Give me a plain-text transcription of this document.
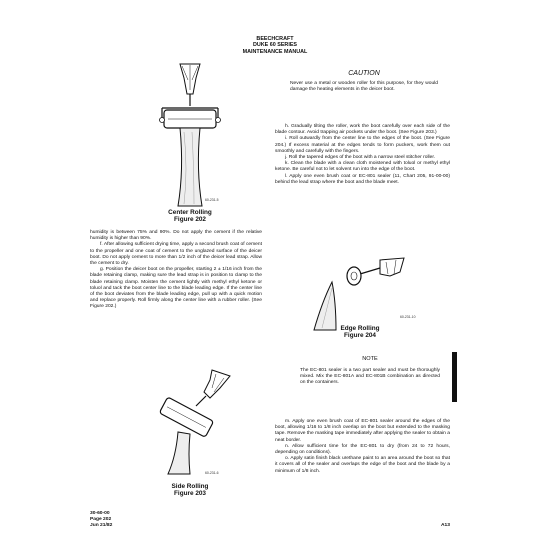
BEECHCRAFT
DUKE 60 SERIES
MAINTENANCE MANUAL
60-231-5
Center Rolling
Figure 202

humidity is between 75% and 90%. Do not apply the cement if the relative humidity is higher than 90%.

f. After allowing sufficient drying time, apply a second brush coat of cement to the propeller and one coat of cement to the unglazed surface of the deicer boot. Do not apply cement to more than 1/2 inch of the deicer lead strap. Allow the cement to dry.

g. Position the deicer boot on the propeller, starting 2 ± 1/16 inch from the blade retaining clamp, making sure the lead strap is in position to clamp to the blade retaining clamp. Moisten the cement lightly with methyl ethyl ketone or toluol and tack the boot center line to the blade leading edge. If the center line of the boot deviates from the blade leading edge, pull up with a quick motion and replace properly. Roll firmly along the center line with a rubber roller. (See Figure 202.)

60-231-6
Side Rolling
Figure 203
CAUTION
Never use a metal or wooden roller for this purpose, for they would damage the heating elements in the deicer boot.

h. Gradually tilting the roller, work the boot carefully over each side of the blade contour. Avoid trapping air pockets under the boot. (See Figure 203.)

i. Roll outwardly from the center line to the edges of the boot. (See Figure 204.) If excess material at the edges tends to form puckers, work them out smoothly and carefully with the fingers.

j. Roll the tapered edges of the boot with a narrow steel stitcher roller.

k. Clean the blade with a clean cloth moistened with toluol or methyl ethyl ketone. Be careful not to let solvent run into the edge of the boot.

l. Apply one even brush coat or EC-801 sealer (11, Chart 205, 91-00-00) behind the lead strap where the boot and the blade meet.

60-231-10
Edge Rolling
Figure 204
NOTE
The EC-801 sealer is a two part sealer and must be thoroughly mixed. Mix the EC-801A and EC-801B combination as directed on the containers.

m. Apply one even brush coat of EC-801 sealer around the edges of the boot, allowing 1/16 to 1/8 inch overlap on the boot but extended to the masking tape. Remove the masking tape immediately after applying the sealer to obtain a neat border.

n. Allow sufficient time for the EC-801 to dry (from 24 to 72 hours, depending on conditions).

o. Apply satin finish black urethane paint to an area around the boot so that it covers all of the sealer and overlaps the edge of the boot and the blade by a minimum of 1/8 inch.

30-60-00
Page 202
Jun 21/82	A13
